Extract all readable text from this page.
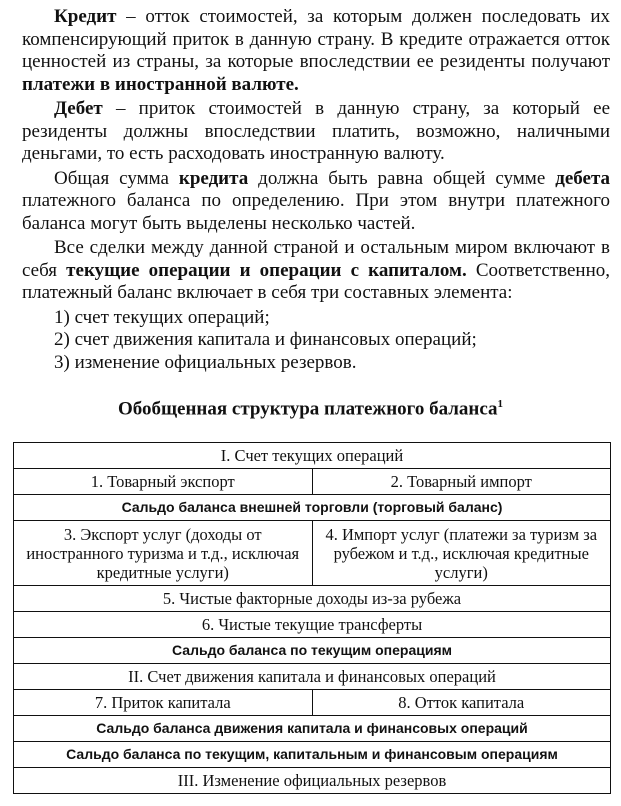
Кредит – отток стоимостей, за которым должен последовать их компенсирующий приток в данную страну. В кредите отражается отток ценностей из страны, за которые впоследствии ее резиденты получают платежи в иностранной валюте.

Дебет – приток стоимостей в данную страну, за который ее резиденты должны впоследствии платить, возможно, наличными деньгами, то есть расходовать иностранную валюту.

Общая сумма кредита должна быть равна общей сумме дебета платежного баланса по определению. При этом внутри платежного баланса могут быть выделены несколько частей.

Все сделки между данной страной и остальным миром включают в себя текущие операции и операции с капиталом. Соответственно, платежный баланс включает в себя три составных элемента:

1) счет текущих операций;

2) счет движения капитала и финансовых операций;

3) изменение официальных резервов.

Обобщенная структура платежного баланса$^1$
I. Счет текущих операций	
1. Товарный экспорт	2. Товарный импорт
Сальдо баланса внешней торговли (торговый баланс)	
3. Экспорт услуг (доходы от иностранного туризма и т.д., исключая кредитные услуги)	4. Импорт услуг (платежи за туризм за рубежом и т.д., исключая кредитные услуги)
5. Чистые факторные доходы из-за рубежа	
6. Чистые текущие трансферты	
Сальдо баланса по текущим операциям	
II. Счет движения капитала и финансовых операций	
7. Приток капитала	8. Отток капитала
Сальдо баланса движения капитала и финансовых операций	
Сальдо баланса по текущим, капитальным и финансовым операциям	
III. Изменение официальных резервов	
